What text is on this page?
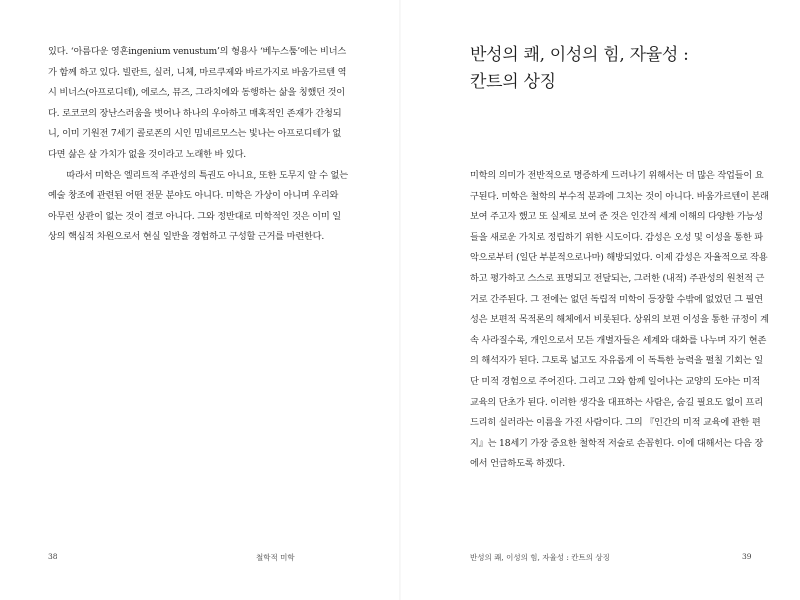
있다. ‘아름다운 영혼ingenium venustum’의 형용사 ‘베누스툼’에는 비너스가 함께 하고 있다. 빌란트, 실러, 니체, 마르쿠제와 바르가지로 바움가르텐 역시 비너스(아프로디테), 에로스, 뮤즈, 그라치에와 동행하는 삶을 칭했던 것이다. 로코코의 장난스러움을 벗어나 하나의 우아하고 매혹적인 존재가 간청되니, 이미 기원전 7세기 콜로폰의 시인 밈네르모스는 빛나는 아프로디테가 없다면 삶은 살 가치가 없을 것이라고 노래한 바 있다.

따라서 미학은 엘리트적 주관성의 특권도 아니요, 또한 도무지 알 수 없는 예술 창조에 관련된 어떤 전문 분야도 아니다. 미학은 가상이 아니며 우리와 아무런 상관이 없는 것이 결코 아니다. 그와 정반대로 미학적인 것은 이미 일상의 핵심적 차원으로서 현실 일반을 경험하고 구성할 근거를 마련한다.

38	철학적 미학
반성의 쾌, 이성의 힘, 자율성 :
칸트의 상징

미학의 의미가 전반적으로 명증하게 드러나기 위해서는 더 많은 작업들이 요구된다. 미학은 철학의 부수적 분과에 그치는 것이 아니다. 바움가르텐이 본래 보여 주고자 했고 또 실제로 보여 준 것은 인간적 세계 이해의 다양한 가능성들을 새로운 가치로 정립하기 위한 시도이다. 감성은 오성 및 이성을 통한 파악으로부터 (일단 부분적으로나마) 해방되었다. 이제 감성은 자율적으로 작용하고 평가하고 스스로 표명되고 전달되는, 그러한 (내적) 주관성의 원천적 근거로 간주된다. 그 전에는 없던 독립적 미학이 등장할 수밖에 없었던 그 필연성은 보편적 목적론의 해체에서 비롯된다. 상위의 보편 이성을 통한 규정이 계속 사라질수록, 개인으로서 모든 개별자들은 세계와 대화를 나누며 자기 현존의 해석자가 된다. 그토록 넓고도 자유롭게 이 독특한 능력을 펼칠 기회는 일단 미적 경험으로 주어진다. 그리고 그와 함께 일어나는 교양의 도야는 미적 교육의 단초가 된다. 이러한 생각을 대표하는 사람은, 숨길 필요도 없이 프리드리히 실러라는 이름을 가진 사람이다. 그의 『인간의 미적 교육에 관한 편지』는 18세기 가장 중요한 철학적 저술로 손꼽힌다. 이에 대해서는 다음 장에서 언급하도록 하겠다.

반성의 쾌, 이성의 힘, 자율성 : 칸트의 상징	39
